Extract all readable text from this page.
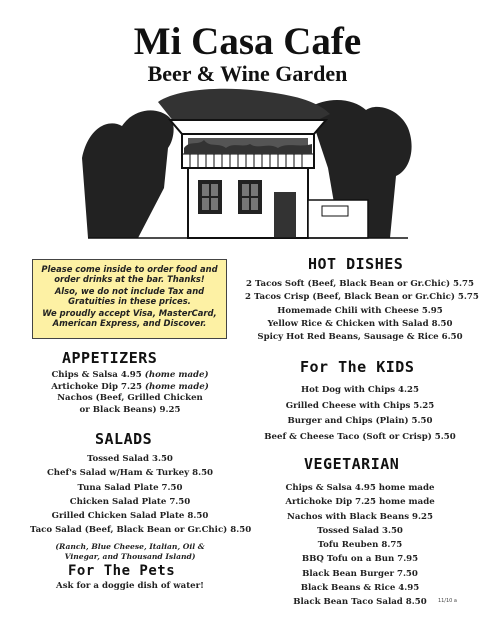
Mi Casa Cafe
Beer & Wine Garden

Please come inside to order food and order drinks at the bar. Thanks!

Also, we do not include Tax and Gratuities in these prices.

We proudly accept Visa, MasterCard, American Express, and Discover.

APPETIZERS
Chips & Salsa 4.95 (home made)
Artichoke Dip 7.25 (home made)
Nachos (Beef, Grilled Chicken
or Black Beans) 9.25
SALADS
Tossed Salad 3.50
Chef's Salad w/Ham & Turkey 8.50
Tuna Salad Plate 7.50
Chicken Salad Plate 7.50
Grilled Chicken Salad Plate 8.50
Taco Salad (Beef, Black Bean or Gr.Chic) 8.50
(Ranch, Blue Cheese, Italian, Oil & Vinegar, and Thousand Island)
For The Pets
Ask for a doggie dish of water!
HOT DISHES
2 Tacos Soft (Beef, Black Bean or Gr.Chic) 5.75
2 Tacos Crisp (Beef, Black Bean or Gr.Chic) 5.75
Homemade Chili with Cheese 5.95
Yellow Rice & Chicken with Salad 8.50
Spicy Hot Red Beans, Sausage & Rice 6.50
For The KIDS
Hot Dog with Chips 4.25
Grilled Cheese with Chips 5.25
Burger and Chips (Plain) 5.50
Beef & Cheese Taco (Soft or Crisp) 5.50
VEGETARIAN
Chips & Salsa 4.95 home made
Artichoke Dip 7.25 home made
Nachos with Black Beans 9.25
Tossed Salad 3.50
Tofu Reuben 8.75
BBQ Tofu on a Bun 7.95
Black Bean Burger 7.50
Black Beans & Rice 4.95
Black Bean Taco Salad 8.50	11/10 a
